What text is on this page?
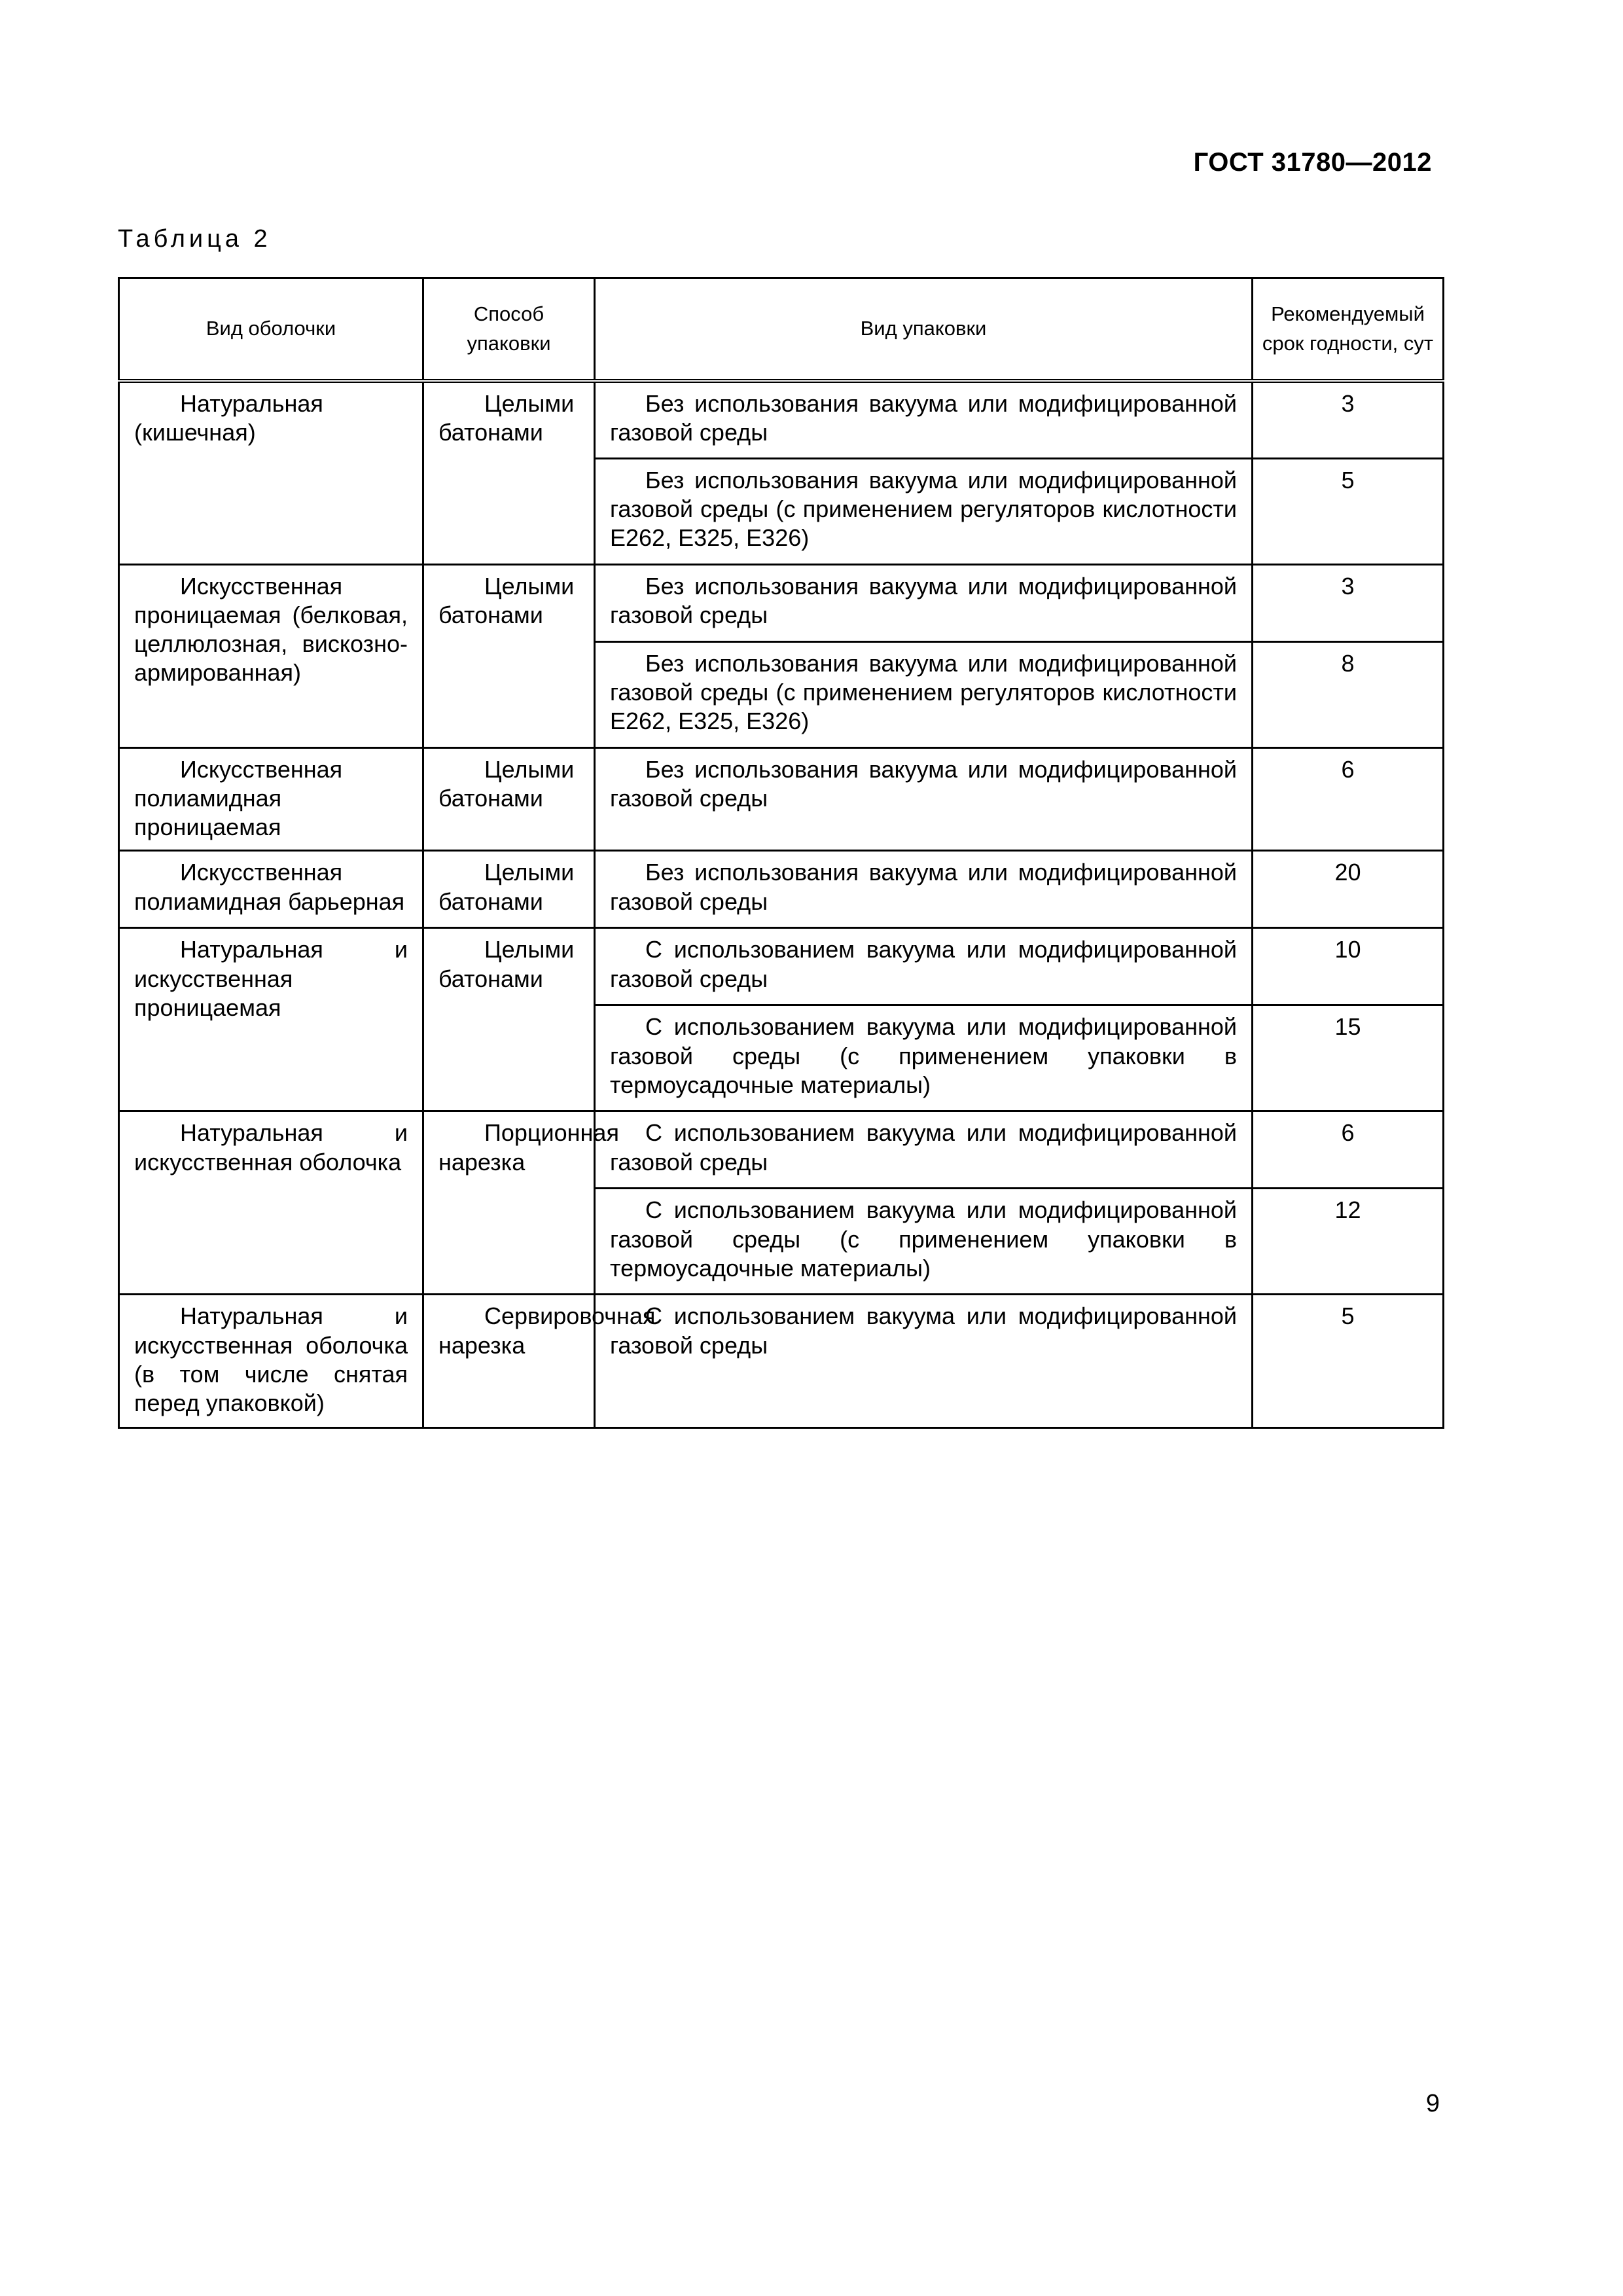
ГОСТ 31780—2012
Таблица 2
Вид оболочки	Способ упаковки	Вид упаковки	Рекомендуемый срок годности, сут
Натуральная (кишечная)	Целыми батонами	Без использования вакуума или модифицированной газовой среды	3
		Без использования вакуума или модифицированной газовой среды (с применением регуляторов кислотности Е262, Е325, Е326)	5
Искусственная проницаемая (белковая, целлюлозная, вискозно-армированная)	Целыми батонами	Без использования вакуума или модифицированной газовой среды	3
		Без использования вакуума или модифицированной газовой среды (с применением регуляторов кислотности Е262, Е325, Е326)	8
Искусственная полиамидная проницаемая	Целыми батонами	Без использования вакуума или модифицированной газовой среды	6
Искусственная полиамидная барьерная	Целыми батонами	Без использования вакуума или модифицированной газовой среды	20
Натуральная и искусственная проницаемая	Целыми батонами	С использованием вакуума или модифицированной газовой среды	10
		С использованием вакуума или модифицированной газовой среды (с применением упаковки в термоусадочные материалы)	15
Натуральная и искусственная оболочка	Порционная нарезка	С использованием вакуума или модифицированной газовой среды	6
		С использованием вакуума или модифицированной газовой среды (с применением упаковки в термоусадочные материалы)	12
Натуральная и искусственная оболочка (в том числе снятая перед упаковкой)	Сервировочная нарезка	С использованием вакуума или модифицированной газовой среды	5
9
